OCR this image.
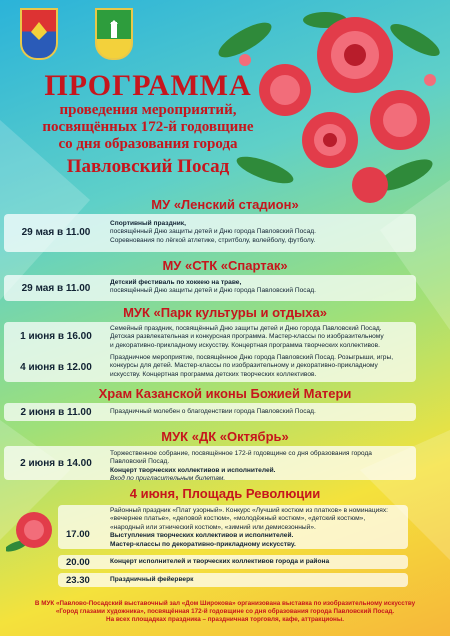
ПРОГРАММА
проведения мероприятий,
посвящённых 172-й годовщине
со дня образования города
Павловский Посад
МУ «Ленский стадион»
29 мая в 11.00
Спортивный праздник,
посвящённый Дню защиты детей и Дню города Павловский Посад.
Соревнования по лёгкой атлетике, стритболу, волейболу, футболу.
МУ «СТК «Спартак»
29 мая в 11.00
Детский фестиваль по хоккею на траве,
посвящённый Дню защиты детей и Дню города Павловский Посад.
МУК «Парк культуры и отдыха»
1 июня в 16.00
Семейный праздник, посвящённый Дню защиты детей и Дню города Павловский Посад.
Детская развлекательная и конкурсная программа. Мастер-классы по изобразительному
и декоративно-прикладному искусству. Концертная программа творческих коллективов.
4 июня в 12.00
Праздничное мероприятие, посвящённое Дню города Павловский Посад. Розыгрыши, игры,
конкурсы для детей. Мастер-классы по изобразительному и декоративно-прикладному
искусству. Концертная программа детских творческих коллективов.
Храм Казанской иконы Божией Матери
2 июня в 11.00	Праздничный молебен о благоденствии города Павловский Посад.
МУК «ДК «Октябрь»
2 июня в 14.00
Торжественное собрание, посвящённое 172-й годовщине со дня образования города Павловский Посад.
Концерт творческих коллективов и исполнителей.
Вход по пригласительным билетам.
4 июня, Площадь Революции
17.00
Районный праздник «Плат узорный». Конкурс «Лучший костюм из платков» в номинациях:
«вечернее платье», «деловой костюм», «молодёжный костюм», «детский костюм»,
«народный или этнический костюм», «зимний или демисезонный».
Выступления творческих коллективов и исполнителей.
Мастер-классы по декоративно-прикладному искусству.
20.00	Концерт исполнителей и творческих коллективов города и района
23.30	Праздничный фейерверк
В МУК «Павлово-Посадский выставочный зал «Дом Широкова» организована выставка по изобразительному искусству
«Город глазами художника», посвящённая 172-й годовщине со дня образования города Павловский Посад.
На всех площадках праздника – праздничная торговля, кафе, аттракционы.
